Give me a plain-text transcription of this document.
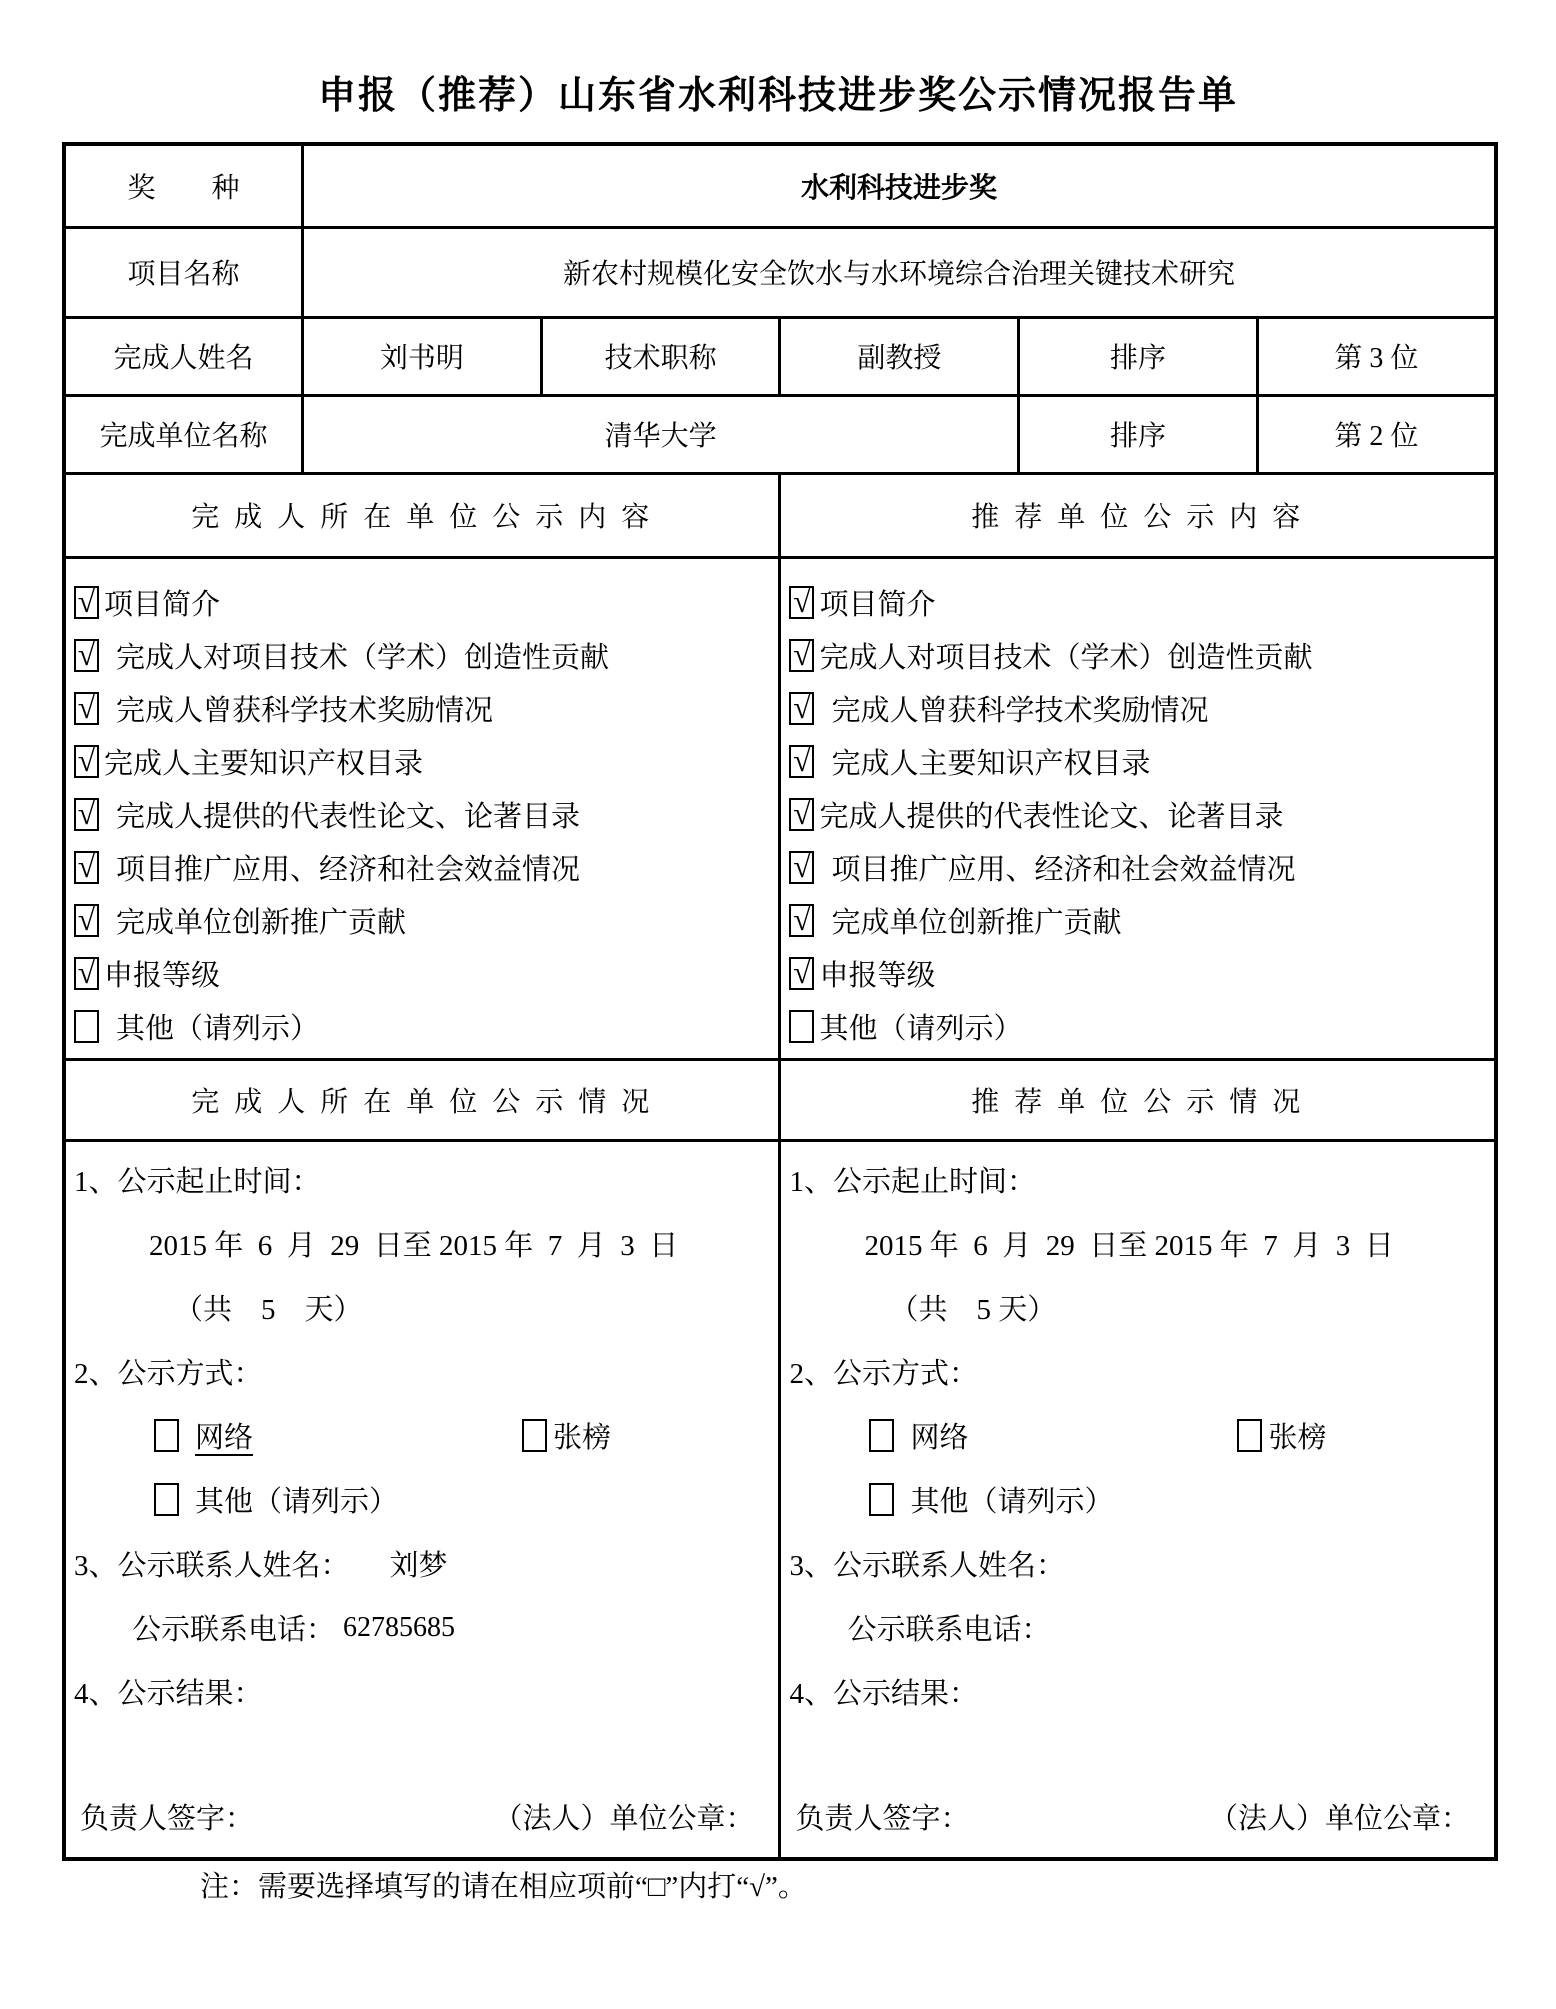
申报（推荐）山东省水利科技进步奖公示情况报告单
奖　　种	水利科技进步奖				
项目名称	新农村规模化安全饮水与水环境综合治理关键技术研究				
完成人姓名	刘书明	技术职称	副教授	排序	第 3 位
完成单位名称	清华大学			排序	第 2 位
完 成 人 所 在 单 位 公 示 内 容			推 荐 单 位 公 示 内 容		

√ 项目简介
√ 完成人对项目技术（学术）创造性贡献
√ 完成人曾获科学技术奖励情况
√ 完成人主要知识产权目录
√ 完成人提供的代表性论文、论著目录
√ 项目推广应用、经济和社会效益情况
√ 完成单位创新推广贡献
√ 申报等级
其他（请列示）

√ 项目简介
√ 完成人对项目技术（学术）创造性贡献
√ 完成人曾获科学技术奖励情况
√ 完成人主要知识产权目录
√ 完成人提供的代表性论文、论著目录
√ 项目推广应用、经济和社会效益情况
√ 完成单位创新推广贡献
√ 申报等级
其他（请列示）

完 成 人 所 在 单 位 公 示 情 况			推 荐 单 位 公 示 情 况		

1、公示起止时间：
2015 年  6  月  29  日至 2015 年  7  月  3  日
（共　5　天）
2、公示方式：
网络	张榜
其他（请列示）
3、公示联系人姓名： 刘梦
公示联系电话： 62785685
4、公示结果：
负责人签字：	（法人）单位公章：

1、公示起止时间：
2015 年  6  月  29  日至 2015 年  7  月  3  日
（共　5 天）
2、公示方式：
网络	张榜
其他（请列示）
3、公示联系人姓名：
公示联系电话：
4、公示结果：
负责人签字：	（法人）单位公章：
注：需要选择填写的请在相应项前“□”内打“√”。
